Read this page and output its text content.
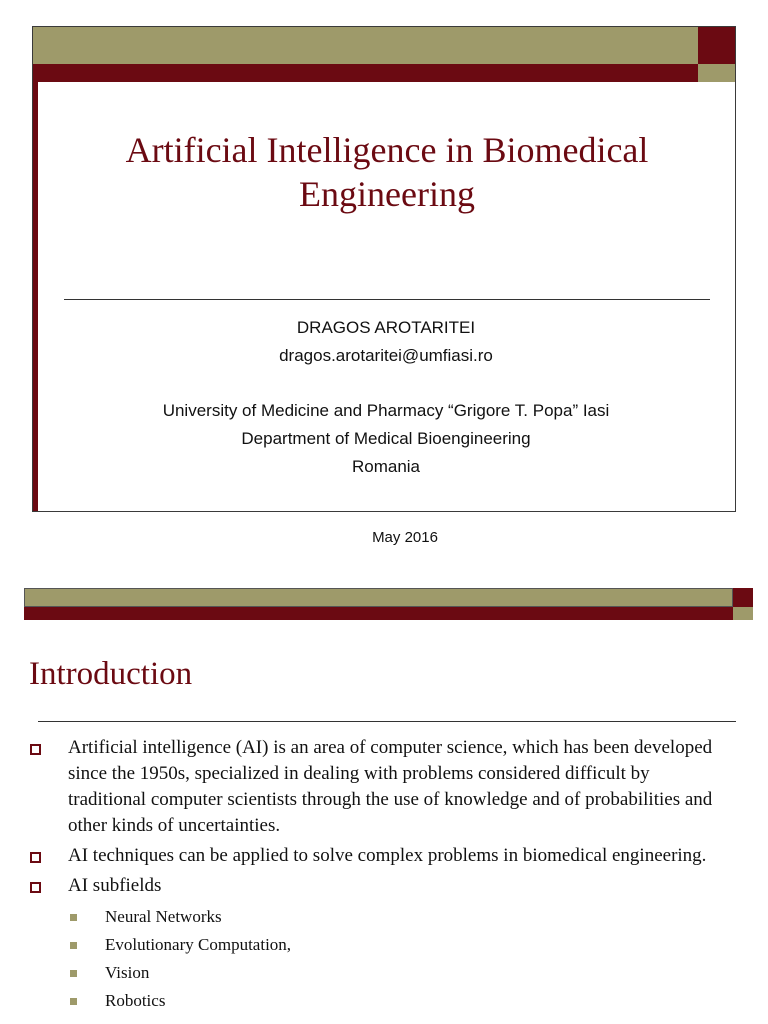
Artificial Intelligence in Biomedical Engineering
DRAGOS AROTARITEI
dragos.arotaritei@umfiasi.ro
University of Medicine and Pharmacy “Grigore T. Popa” Iasi
Department of Medical Bioengineering
Romania
May 2016
Introduction
Artificial intelligence (AI) is an area of computer science, which has been developed since the 1950s, specialized in dealing with problems considered difficult by traditional computer scientists through the use of knowledge and of probabilities and other kinds of uncertainties.
AI techniques can be applied to solve complex problems in biomedical engineering.
AI subfields
Neural Networks
Evolutionary Computation,
Vision
Robotics
